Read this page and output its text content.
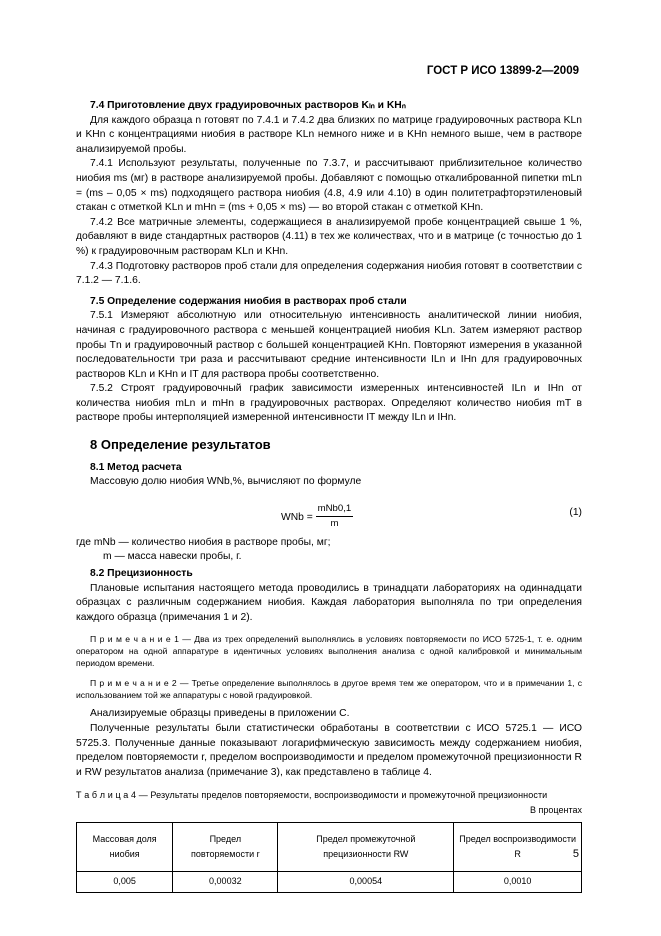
ГОСТ Р ИСО 13899-2—2009

7.4 Приготовление двух градуировочных растворов Kₗₙ и KHₙ

Для каждого образца n готовят по 7.4.1 и 7.4.2 два близких по матрице градуировочных раствора KLn и KHn с концентрациями ниобия в растворе KLn немного ниже и в KHn немного выше, чем в растворе анализируемой пробы.

7.4.1 Используют результаты, полученные по 7.3.7, и рассчитывают приблизительное количество ниобия ms (мг) в растворе анализируемой пробы. Добавляют с помощью откалиброванной пипетки mLn = (ms – 0,05 × ms) подходящего раствора ниобия (4.8, 4.9 или 4.10) в один политетрафторэтиленовый стакан с отметкой KLn и mHn = (ms + 0,05 × ms) — во второй стакан с отметкой KHn.

7.4.2 Все матричные элементы, содержащиеся в анализируемой пробе концентрацией свыше 1 %, добавляют в виде стандартных растворов (4.11) в тех же количествах, что и в матрице (с точностью до 1 %) к градуировочным растворам KLn и KHn.

7.4.3 Подготовку растворов проб стали для определения содержания ниобия готовят в соответствии с 7.1.2 — 7.1.6.

7.5 Определение содержания ниобия в растворах проб стали

7.5.1 Измеряют абсолютную или относительную интенсивность аналитической линии ниобия, начиная с градуировочного раствора с меньшей концентрацией ниобия KLn. Затем измеряют раствор пробы Tn и градуировочный раствор с большей концентрацией KHn. Повторяют измерения в указанной последовательности три раза и рассчитывают средние интенсивности ILn и IHn для градуировочных растворов KLn и KHn и IT для раствора пробы соответственно.

7.5.2 Строят градуировочный график зависимости измеренных интенсивностей ILn и IHn от количества ниобия mLn и mHn в градуировочных растворах. Определяют количество ниобия mT в растворе пробы интерполяцией измеренной интенсивности IT между ILn и IHn.

8 Определение результатов

8.1 Метод расчета

Массовую долю ниобия WNb,%, вычисляют по формуле

WNb = $\frac{\text{mNb0,1}}{m}$	(1)

где mNb — количество ниобия в растворе пробы, мг;

m — масса навески пробы, г.

8.2 Прецизионность

Плановые испытания настоящего метода проводились в тринадцати лабораториях на одиннадцати образцах с различным содержанием ниобия. Каждая лаборатория выполняла по три определения каждого образца (примечания 1 и 2).

П р и м е ч а н и е 1 — Два из трех определений выполнялись в условиях повторяемости по ИСО 5725-1, т. е. одним оператором на одной аппаратуре в идентичных условиях выполнения анализа с одной калибровкой и минимальным периодом времени.

П р и м е ч а н и е 2 — Третье определение выполнялось в другое время тем же оператором, что и в примечании 1, с использованием той же аппаратуры с новой градуировкой.

Анализируемые образцы приведены в приложении С.

Полученные результаты были статистически обработаны в соответствии с ИСО 5725.1 — ИСО 5725.3. Полученные данные показывают логарифмическую зависимость между содержанием ниобия, пределом повторяемости r, пределом воспроизводимости и пределом промежуточной прецизионности R и RW результатов анализа (примечание 3), как представлено в таблице 4.

Т а б л и ц а 4 — Результаты пределов повторяемости, воспроизводимости и промежуточной прецизионности

В процентах

Массовая доля ниобия	Предел повторяемости r	Предел промежуточной прецизионности RW	Предел воспроизводимости R
0,005	0,00032	0,00054	0,0010
5
